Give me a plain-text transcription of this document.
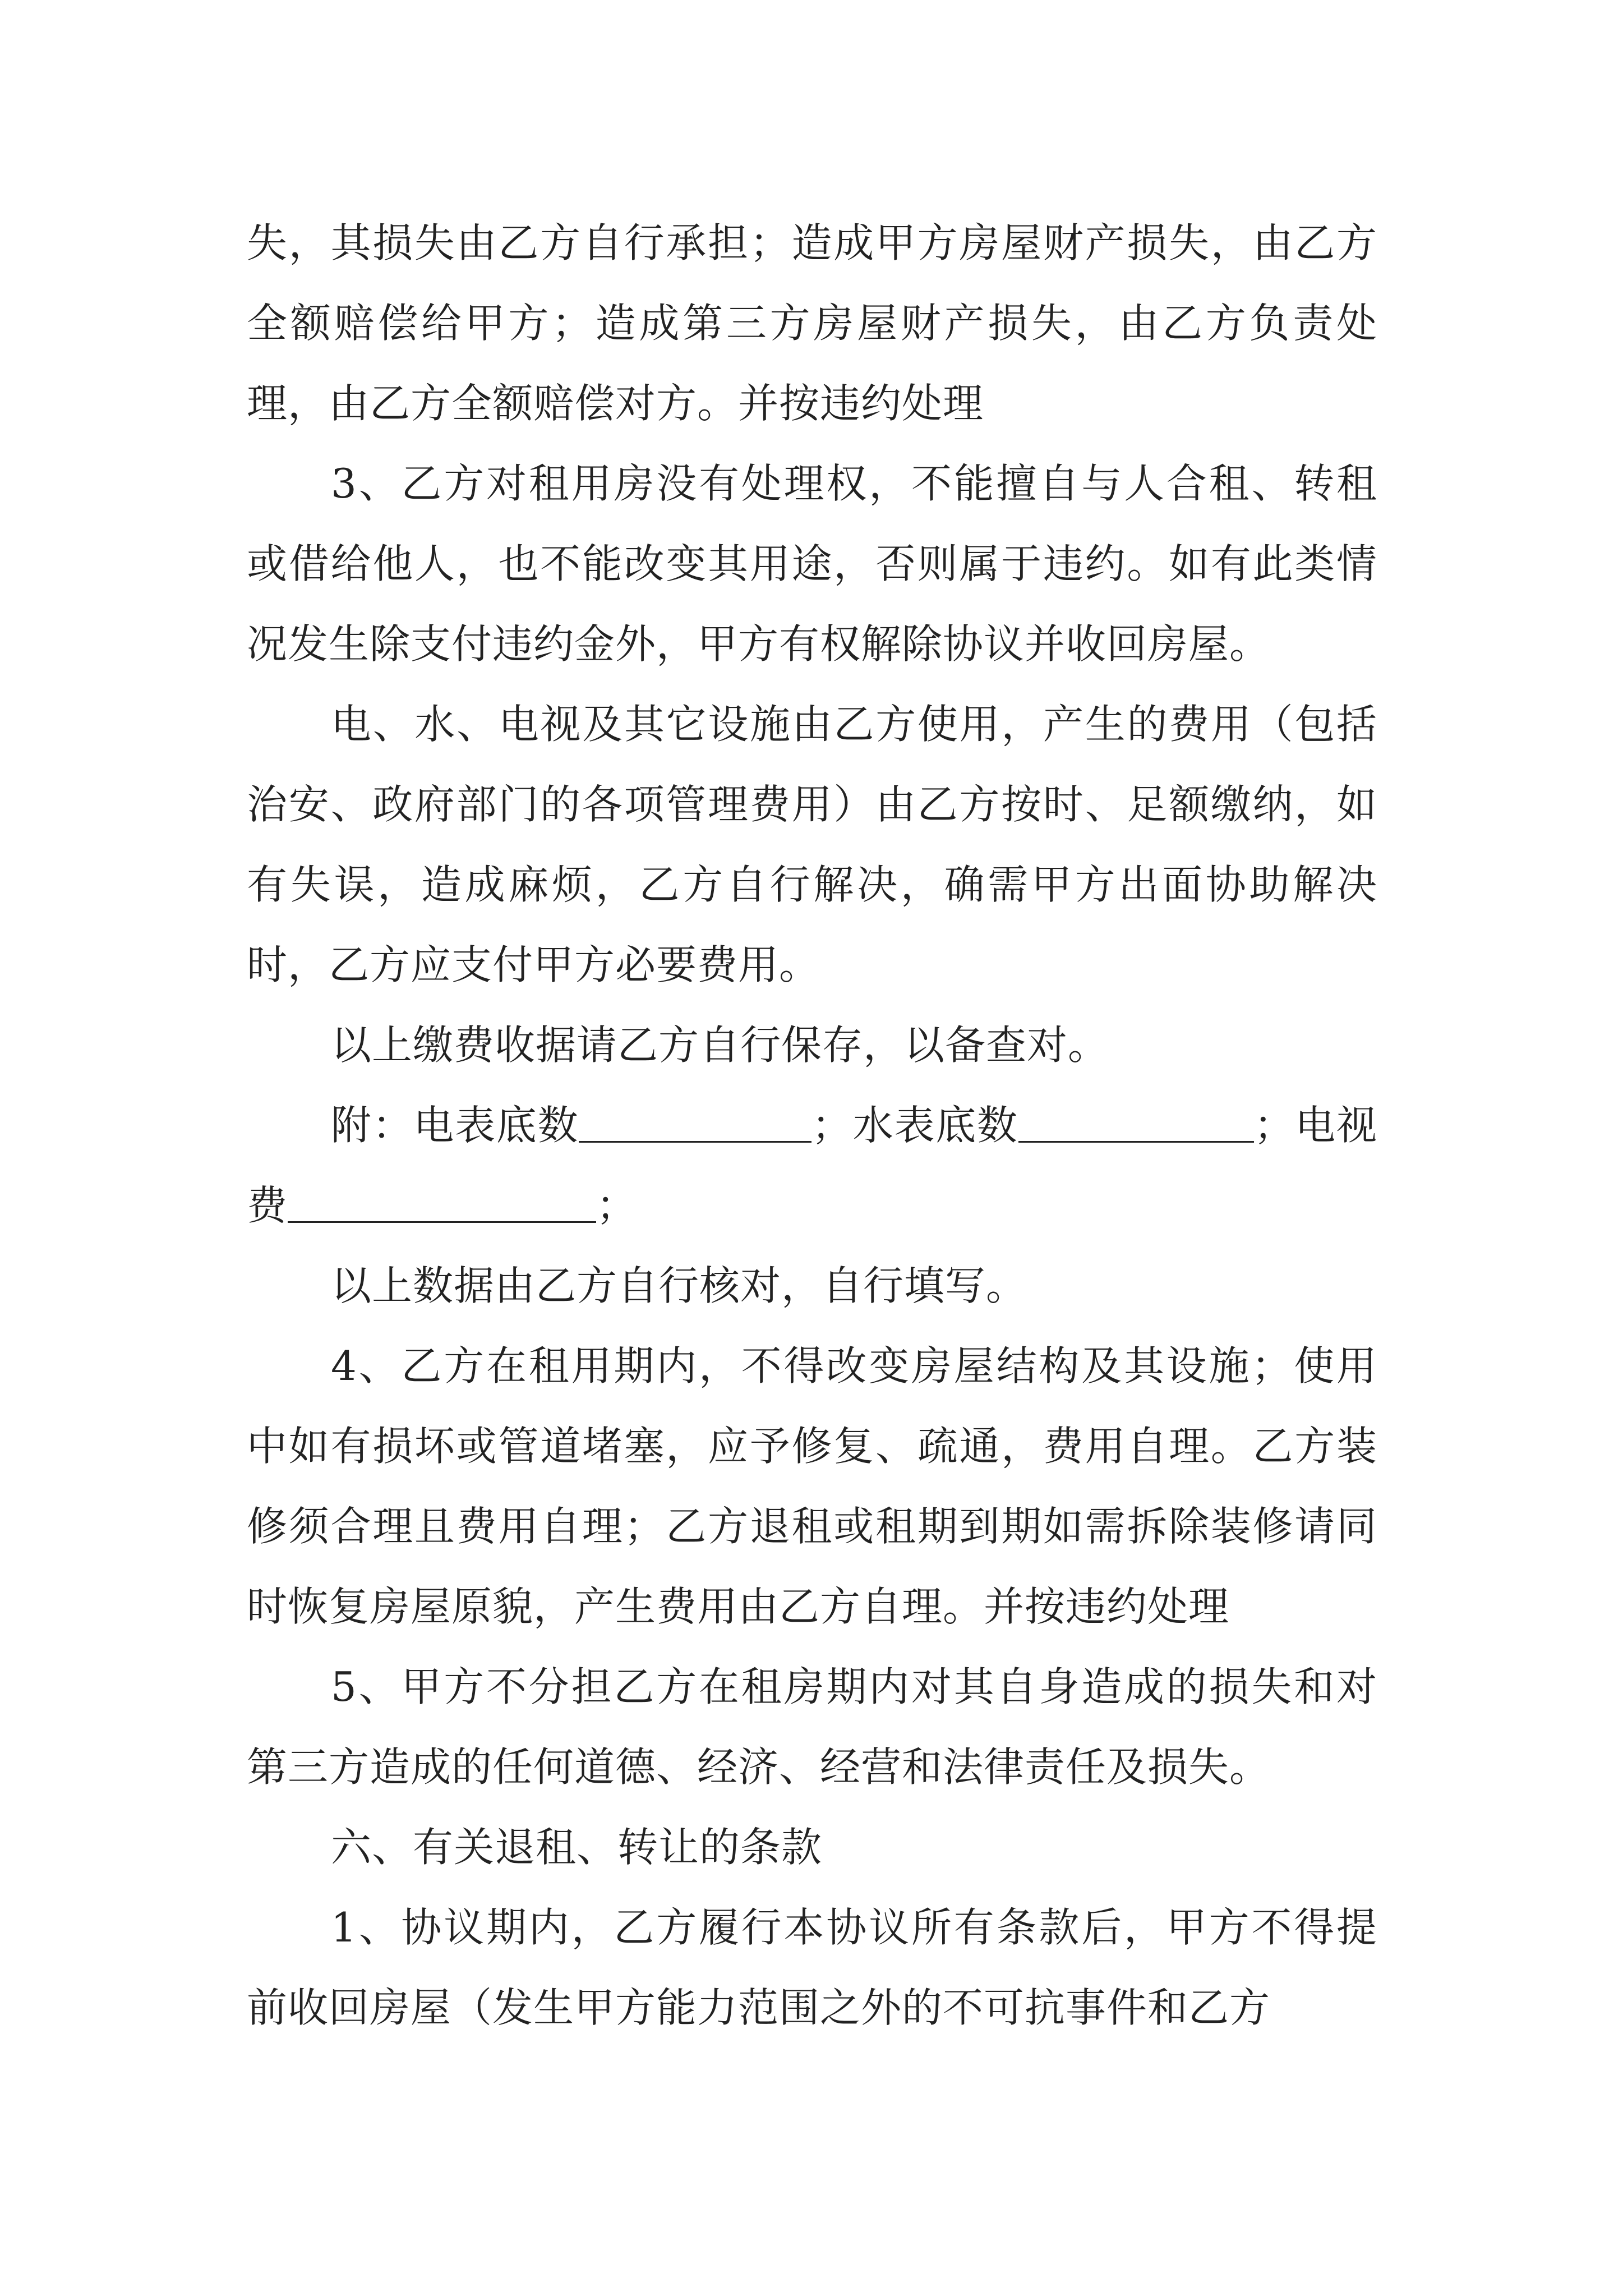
失，其损失由乙方自行承担；造成甲方房屋财产损失，由乙方全额赔偿给甲方；造成第三方房屋财产损失，由乙方负责处理，由乙方全额赔偿对方。并按违约处理

3、乙方对租用房没有处理权，不能擅自与人合租、转租或借给他人，也不能改变其用途，否则属于违约。如有此类情况发生除支付违约金外，甲方有权解除协议并收回房屋。

电、水、电视及其它设施由乙方使用，产生的费用（包括治安、政府部门的各项管理费用）由乙方按时、足额缴纳，如有失误，造成麻烦，乙方自行解决，确需甲方出面协助解决时，乙方应支付甲方必要费用。

以上缴费收据请乙方自行保存，以备查对。

附：电表底数	；水表底数	；电视费	；

以上数据由乙方自行核对，自行填写。

4、乙方在租用期内，不得改变房屋结构及其设施；使用中如有损坏或管道堵塞，应予修复、疏通，费用自理。乙方装修须合理且费用自理；乙方退租或租期到期如需拆除装修请同时恢复房屋原貌，产生费用由乙方自理。并按违约处理

5、甲方不分担乙方在租房期内对其自身造成的损失和对第三方造成的任何道德、经济、经营和法律责任及损失。

六、有关退租、转让的条款

1、协议期内，乙方履行本协议所有条款后，甲方不得提前收回房屋（发生甲方能力范围之外的不可抗事件和乙方
